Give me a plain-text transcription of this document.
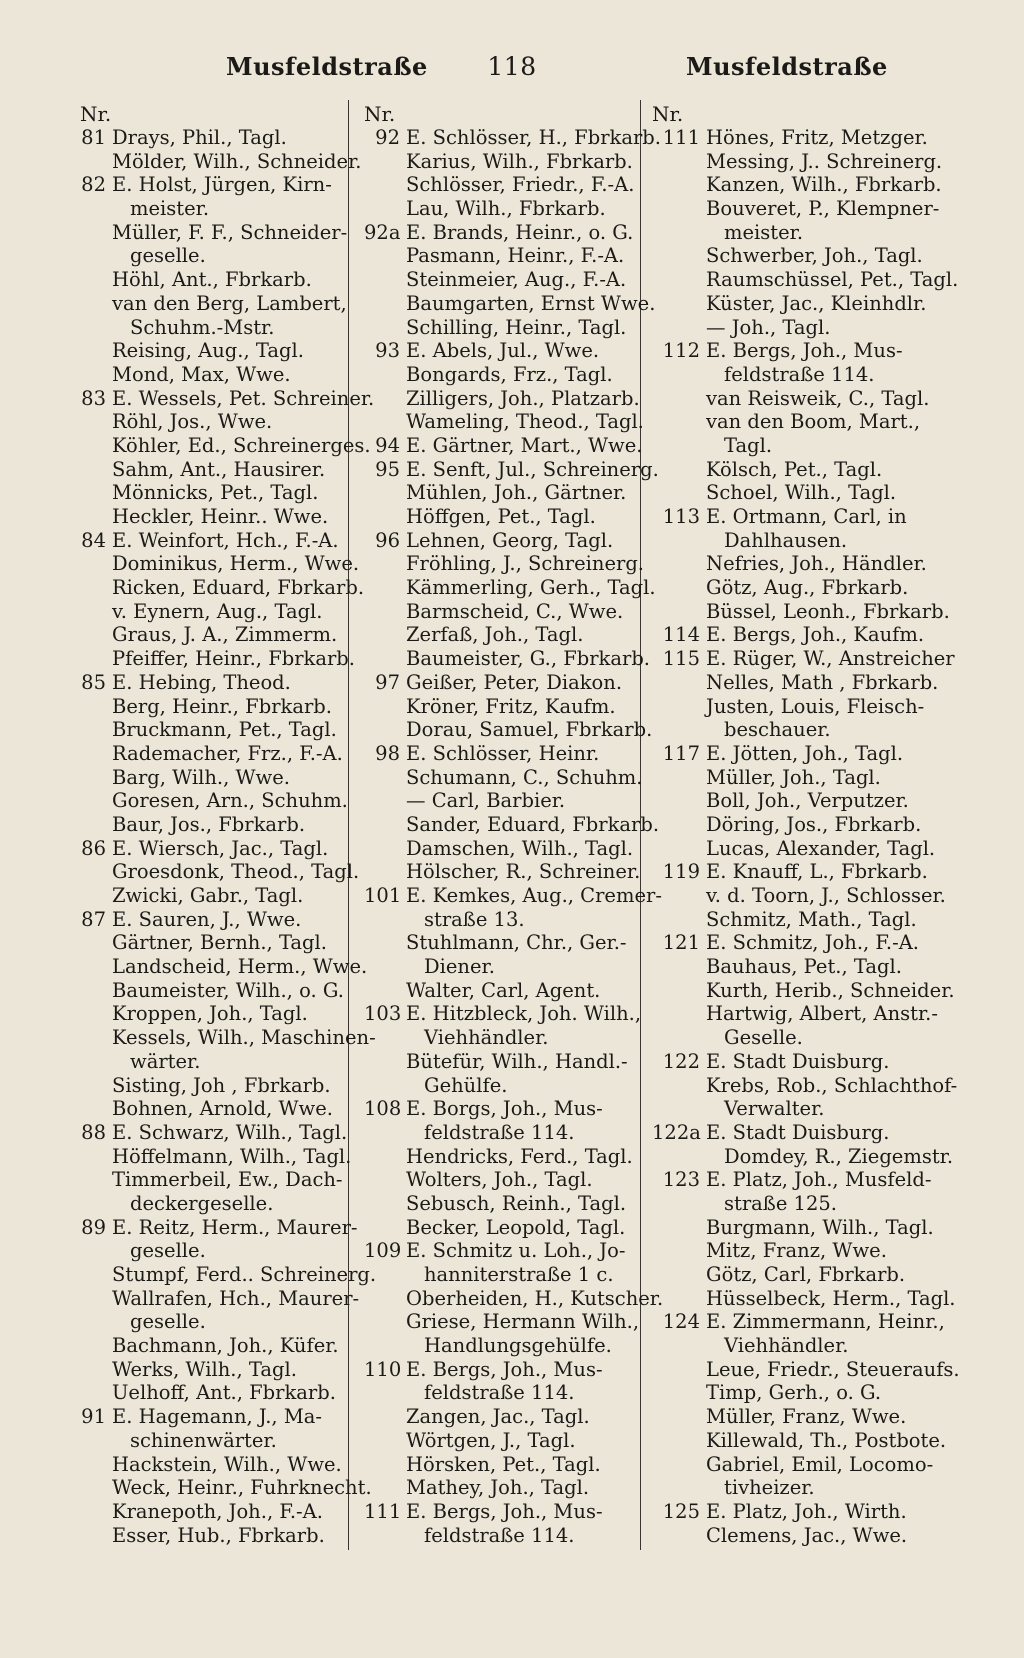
Musfeldstraße	118	Musfeldstraße
Nr.
81 Drays, Phil., Tagl.
Mölder, Wilh., Schneider.
82 E. Holst, Jürgen, Kirn-
meister.
Müller, F. F., Schneider-
geselle.
Höhl, Ant., Fbrkarb.
van den Berg, Lambert,
Schuhm.-Mstr.
Reising, Aug., Tagl.
Mond, Max, Wwe.
83 E. Wessels, Pet. Schreiner.
Röhl, Jos., Wwe.
Köhler, Ed., Schreinerges.
Sahm, Ant., Hausirer.
Mönnicks, Pet., Tagl.
Heckler, Heinr.. Wwe.
84 E. Weinfort, Hch., F.-A.
Dominikus, Herm., Wwe.
Ricken, Eduard, Fbrkarb.
v. Eynern, Aug., Tagl.
Graus, J. A., Zimmerm.
Pfeiffer, Heinr., Fbrkarb.
85 E. Hebing, Theod.
Berg, Heinr., Fbrkarb.
Bruckmann, Pet., Tagl.
Rademacher, Frz., F.-A.
Barg, Wilh., Wwe.
Goresen, Arn., Schuhm.
Baur, Jos., Fbrkarb.
86 E. Wiersch, Jac., Tagl.
Groesdonk, Theod., Tagl.
Zwicki, Gabr., Tagl.
87 E. Sauren, J., Wwe.
Gärtner, Bernh., Tagl.
Landscheid, Herm., Wwe.
Baumeister, Wilh., o. G.
Kroppen, Joh., Tagl.
Kessels, Wilh., Maschinen-
wärter.
Sisting, Joh , Fbrkarb.
Bohnen, Arnold, Wwe.
88 E. Schwarz, Wilh., Tagl.
Höffelmann, Wilh., Tagl.
Timmerbeil, Ew., Dach-
deckergeselle.
89 E. Reitz, Herm., Maurer-
geselle.
Stumpf, Ferd.. Schreinerg.
Wallrafen, Hch., Maurer-
geselle.
Bachmann, Joh., Küfer.
Werks, Wilh., Tagl.
Uelhoff, Ant., Fbrkarb.
91 E. Hagemann, J., Ma-
schinenwärter.
Hackstein, Wilh., Wwe.
Weck, Heinr., Fuhrknecht.
Kranepoth, Joh., F.-A.
Esser, Hub., Fbrkarb.
Nr.
92 E. Schlösser, H., Fbrkarb.
Karius, Wilh., Fbrkarb.
Schlösser, Friedr., F.-A.
Lau, Wilh., Fbrkarb.
92a E. Brands, Heinr., o. G.
Pasmann, Heinr., F.-A.
Steinmeier, Aug., F.-A.
Baumgarten, Ernst Wwe.
Schilling, Heinr., Tagl.
93 E. Abels, Jul., Wwe.
Bongards, Frz., Tagl.
Zilligers, Joh., Platzarb.
Wameling, Theod., Tagl.
94 E. Gärtner, Mart., Wwe.
95 E. Senft, Jul., Schreinerg.
Mühlen, Joh., Gärtner.
Höffgen, Pet., Tagl.
96 Lehnen, Georg, Tagl.
Fröhling, J., Schreinerg.
Kämmerling, Gerh., Tagl.
Barmscheid, C., Wwe.
Zerfaß, Joh., Tagl.
Baumeister, G., Fbrkarb.
97 Geißer, Peter, Diakon.
Kröner, Fritz, Kaufm.
Dorau, Samuel, Fbrkarb.
98 E. Schlösser, Heinr.
Schumann, C., Schuhm.
— Carl, Barbier.
Sander, Eduard, Fbrkarb.
Damschen, Wilh., Tagl.
Hölscher, R., Schreiner.
101 E. Kemkes, Aug., Cremer-
straße 13.
Stuhlmann, Chr., Ger.-
Diener.
Walter, Carl, Agent.
103 E. Hitzbleck, Joh. Wilh.,
Viehhändler.
Bütefür, Wilh., Handl.-
Gehülfe.
108 E. Borgs, Joh., Mus-
feldstraße 114.
Hendricks, Ferd., Tagl.
Wolters, Joh., Tagl.
Sebusch, Reinh., Tagl.
Becker, Leopold, Tagl.
109 E. Schmitz u. Loh., Jo-
hanniterstraße 1 c.
Oberheiden, H., Kutscher.
Griese, Hermann Wilh.,
Handlungsgehülfe.
110 E. Bergs, Joh., Mus-
feldstraße 114.
Zangen, Jac., Tagl.
Wörtgen, J., Tagl.
Hörsken, Pet., Tagl.
Mathey, Joh., Tagl.
111 E. Bergs, Joh., Mus-
feldstraße 114.
Nr.
111 Hönes, Fritz, Metzger.
Messing, J.. Schreinerg.
Kanzen, Wilh., Fbrkarb.
Bouveret, P., Klempner-
meister.
Schwerber, Joh., Tagl.
Raumschüssel, Pet., Tagl.
Küster, Jac., Kleinhdlr.
— Joh., Tagl.
112 E. Bergs, Joh., Mus-
feldstraße 114.
van Reisweik, C., Tagl.
van den Boom, Mart.,
Tagl.
Kölsch, Pet., Tagl.
Schoel, Wilh., Tagl.
113 E. Ortmann, Carl, in
Dahlhausen.
Nefries, Joh., Händler.
Götz, Aug., Fbrkarb.
Büssel, Leonh., Fbrkarb.
114 E. Bergs, Joh., Kaufm.
115 E. Rüger, W., Anstreicher
Nelles, Math , Fbrkarb.
Justen, Louis, Fleisch-
beschauer.
117 E. Jötten, Joh., Tagl.
Müller, Joh., Tagl.
Boll, Joh., Verputzer.
Döring, Jos., Fbrkarb.
Lucas, Alexander, Tagl.
119 E. Knauff, L., Fbrkarb.
v. d. Toorn, J., Schlosser.
Schmitz, Math., Tagl.
121 E. Schmitz, Joh., F.-A.
Bauhaus, Pet., Tagl.
Kurth, Herib., Schneider.
Hartwig, Albert, Anstr.-
Geselle.
122 E. Stadt Duisburg.
Krebs, Rob., Schlachthof-
Verwalter.
122a E. Stadt Duisburg.
Domdey, R., Ziegemstr.
123 E. Platz, Joh., Musfeld-
straße 125.
Burgmann, Wilh., Tagl.
Mitz, Franz, Wwe.
Götz, Carl, Fbrkarb.
Hüsselbeck, Herm., Tagl.
124 E. Zimmermann, Heinr.,
Viehhändler.
Leue, Friedr., Steueraufs.
Timp, Gerh., o. G.
Müller, Franz, Wwe.
Killewald, Th., Postbote.
Gabriel, Emil, Locomo-
tivheizer.
125 E. Platz, Joh., Wirth.
Clemens, Jac., Wwe.
